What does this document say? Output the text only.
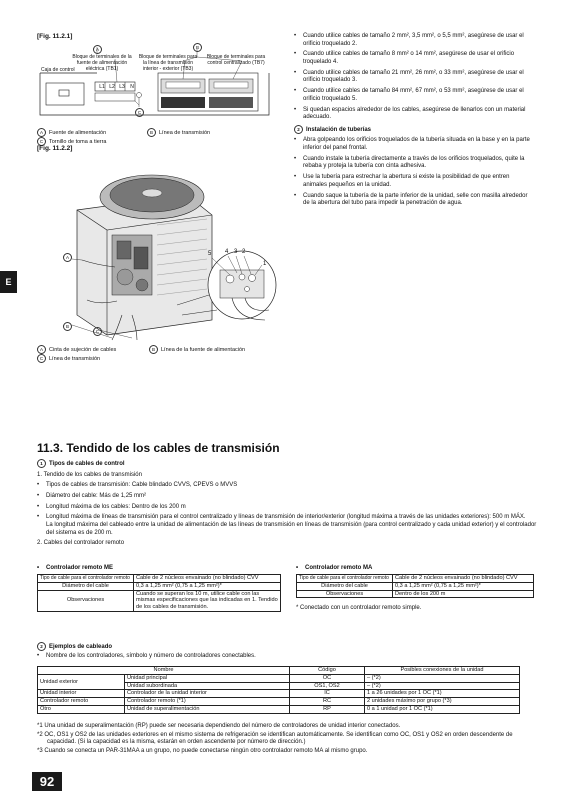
[Fig. 11.2.1]
A	B
C
Bloque de terminales de la fuente de alimentación eléctrica (TB1)
Bloque de terminales para la línea de transmisión interior - exterior (TB3)
Bloque de terminales para control centralizado (TB7)
Caja de control
L1 L2 L3	N
A Fuente de alimentación	B Línea de transmisión
C Tornillo de toma a tierra
[Fig. 11.2.2]
A
B
C
5 4 3 2
1
A Cinta de sujeción de cables	B Línea de la fuente de alimentación
C Línea de transmisión
• Cuando utilice cables de tamaño 2 mm², 3,5 mm², o 5,5 mm², asegúrese de usar el orificio troquelado 2.
• Cuando utilice cables de tamaño 8 mm² o 14 mm², asegúrese de usar el orificio troquelado 4.
• Cuando utilice cables de tamaño 21 mm², 26 mm², o 33 mm², asegúrese de usar el orificio troquelado 3.
• Cuando utilice cables de tamaño 84 mm², 67 mm², o 53 mm², asegúrese de usar el orificio troquelado 5.
• Si quedan espacios alrededor de los cables, asegúrese de llenarlos con un material adecuado.
2 Instalación de tuberías
• Abra golpeando los orificios troquelados de la tubería situada en la base y en la parte inferior del panel frontal.
• Cuando instale la tubería directamente a través de los orificios troquelados, quite la rebaba y proteja la tubería con cinta adhesiva.
• Use la tubería para estrechar la abertura si existe la posibilidad de que entren animales pequeños en la unidad.
• Cuando saque la tubería de la parte inferior de la unidad, selle con masilla alrededor de la abertura del tubo para impedir la penetración de agua.
E
11.3. Tendido de los cables de transmisión
1 Tipos de cables de control
1. Tendido de los cables de transmisión
• Tipos de cables de transmisión: Cable blindado CVVS, CPEVS o MVVS
• Diámetro del cable: Más de 1,25 mm²
• Longitud máxima de los cables: Dentro de los 200 m
• Longitud máxima de líneas de transmisión para el control centralizado y líneas de transmisión de interior/exterior (longitud máxima a través de las unidades exteriores): 500 m MÁX.
La longitud máxima del cableado entre la unidad de alimentación de las líneas de transmisión en líneas de transmisión (para control centralizado y cada unidad exterior) y el controlador del sistema es de 200 m.
2. Cables del controlador remoto
• Controlador remoto ME
Tipo de cable para el controlador remoto	Cable de 2 núcleos envainado (no blindado) CVV
Diámetro del cable	0,3 a 1,25 mm² (0,75 a 1,25 mm²)*
Observaciones	Cuando se superan los 10 m, utilice cable con las mismas especificaciones que las indicadas en 1. Tendido de los cables de transmisión.
• Controlador remoto MA
Tipo de cable para el controlador remoto	Cable de 2 núcleos envainado (no blindado) CVV
Diámetro del cable	0,3 a 1,25 mm² (0,75 a 1,25 mm²)*
Observaciones	Dentro de los 200 m
* Conectado con un controlador remoto simple.
2 Ejemplos de cableado
• Nombre de los controladores, símbolo y número de controladores conectables.
Nombre		Código	Posibles conexiones de la unidad
Unidad exterior	Unidad principal	OC	– (*2)
	Unidad subordinada	OS1, OS2	– (*2)
Unidad interior	Controlador de la unidad interior	IC	1 a 26 unidades por 1 OC (*1)
Controlador remoto	Controlador remoto (*1)	RC	2 unidades máximo por grupo (*3)
Otro	Unidad de superalimentación	RP	0 a 1 unidad por 1 OC (*1)
*1 Una unidad de superalimentación (RP) puede ser necesaria dependiendo del número de controladores de unidad interior conectados.
*2 OC, OS1 y OS2 de las unidades exteriores en el mismo sistema de refrigeración se identifican automáticamente. Se identifican como OC, OS1 y OS2 en orden descendente de capacidad. (Si la capacidad es la misma, estarán en orden ascendente por número de dirección.)
*3 Cuando se conecta un PAR-31MAA a un grupo, no puede conectarse ningún otro controlador remoto MA al mismo grupo.
92
